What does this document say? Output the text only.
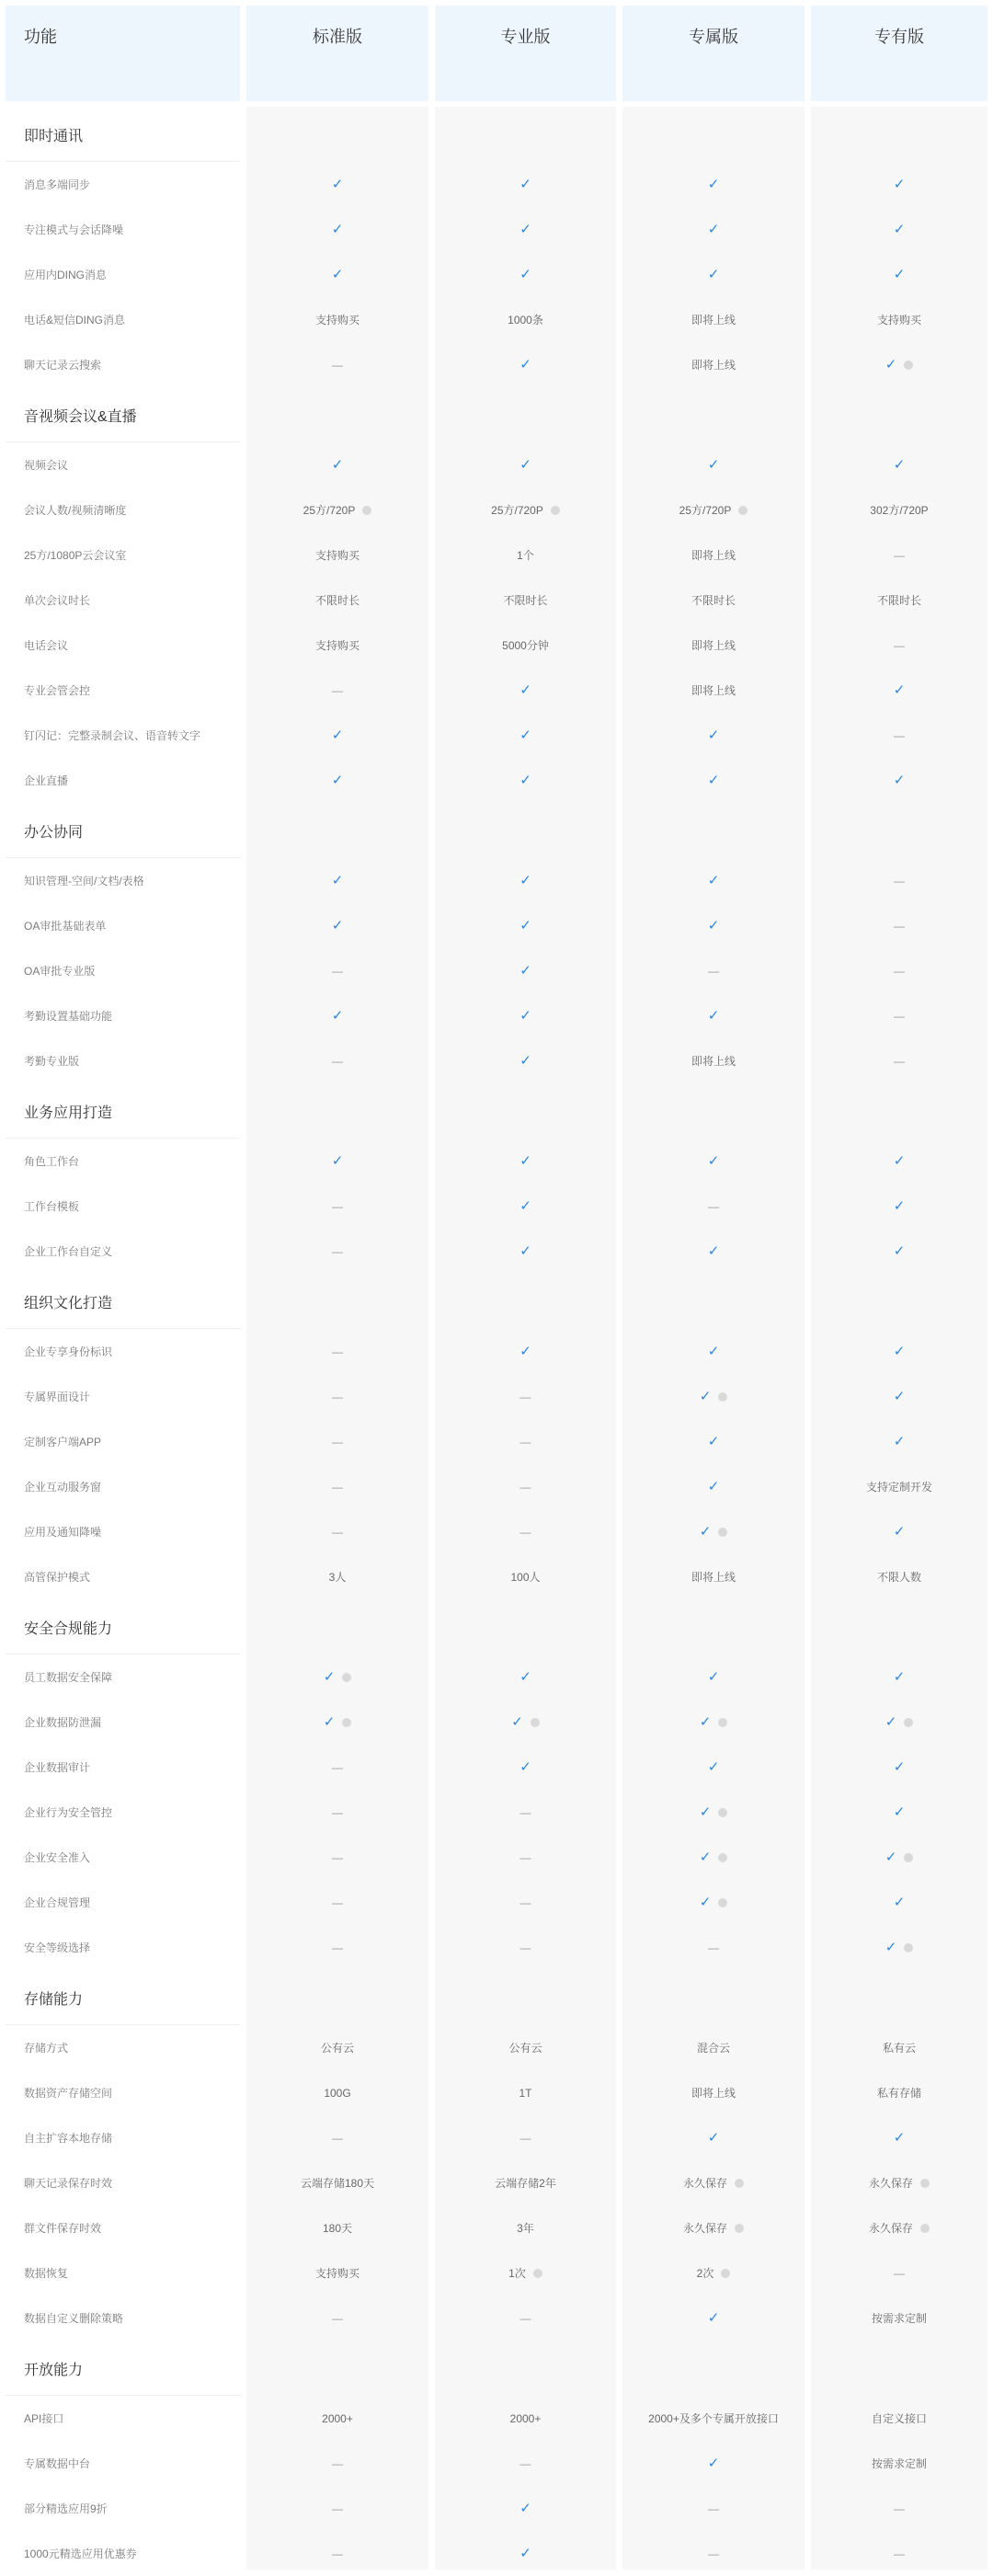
功能	标准版	专业版	专属版	专有版
即时通讯
消息多端同步	✓	✓	✓	✓
专注模式与会话降噪	✓	✓	✓	✓
应用内DING消息	✓	✓	✓	✓
电话&短信DING消息	支持购买	1000条	即将上线	支持购买
聊天记录云搜索	—	✓	即将上线	✓
音视频会议&直播
视频会议	✓	✓	✓	✓
会议人数/视频清晰度	25方/720P	25方/720P	25方/720P	302方/720P
25方/1080P云会议室	支持购买	1个	即将上线	—
单次会议时长	不限时长	不限时长	不限时长	不限时长
电话会议	支持购买	5000分钟	即将上线	—
专业会管会控	—	✓	即将上线	✓
钉闪记：完整录制会议、语音转文字	✓	✓	✓	—
企业直播	✓	✓	✓	✓
办公协同
知识管理-空间/文档/表格	✓	✓	✓	—
OA审批基础表单	✓	✓	✓	—
OA审批专业版	—	✓	—	—
考勤设置基础功能	✓	✓	✓	—
考勤专业版	—	✓	即将上线	—
业务应用打造
角色工作台	✓	✓	✓	✓
工作台模板	—	✓	—	✓
企业工作台自定义	—	✓	✓	✓
组织文化打造
企业专享身份标识	—	✓	✓	✓
专属界面设计	—	—	✓	✓
定制客户端APP	—	—	✓	✓
企业互动服务窗	—	—	✓	支持定制开发
应用及通知降噪	—	—	✓	✓
高管保护模式	3人	100人	即将上线	不限人数
安全合规能力
员工数据安全保障	✓	✓	✓	✓
企业数据防泄漏	✓	✓	✓	✓
企业数据审计	—	✓	✓	✓
企业行为安全管控	—	—	✓	✓
企业安全准入	—	—	✓	✓
企业合规管理	—	—	✓	✓
安全等级选择	—	—	—	✓
存储能力
存储方式	公有云	公有云	混合云	私有云
数据资产存储空间	100G	1T	即将上线	私有存储
自主扩容本地存储	—	—	✓	✓
聊天记录保存时效	云端存储180天	云端存储2年	永久保存	永久保存
群文件保存时效	180天	3年	永久保存	永久保存
数据恢复	支持购买	1次	2次	—
数据自定义删除策略	—	—	✓	按需求定制
开放能力
API接口	2000+	2000+	2000+及多个专属开放接口	自定义接口
专属数据中台	—	—	✓	按需求定制
部分精选应用9折	—	✓	—	—
1000元精选应用优惠券	—	✓	—	—
